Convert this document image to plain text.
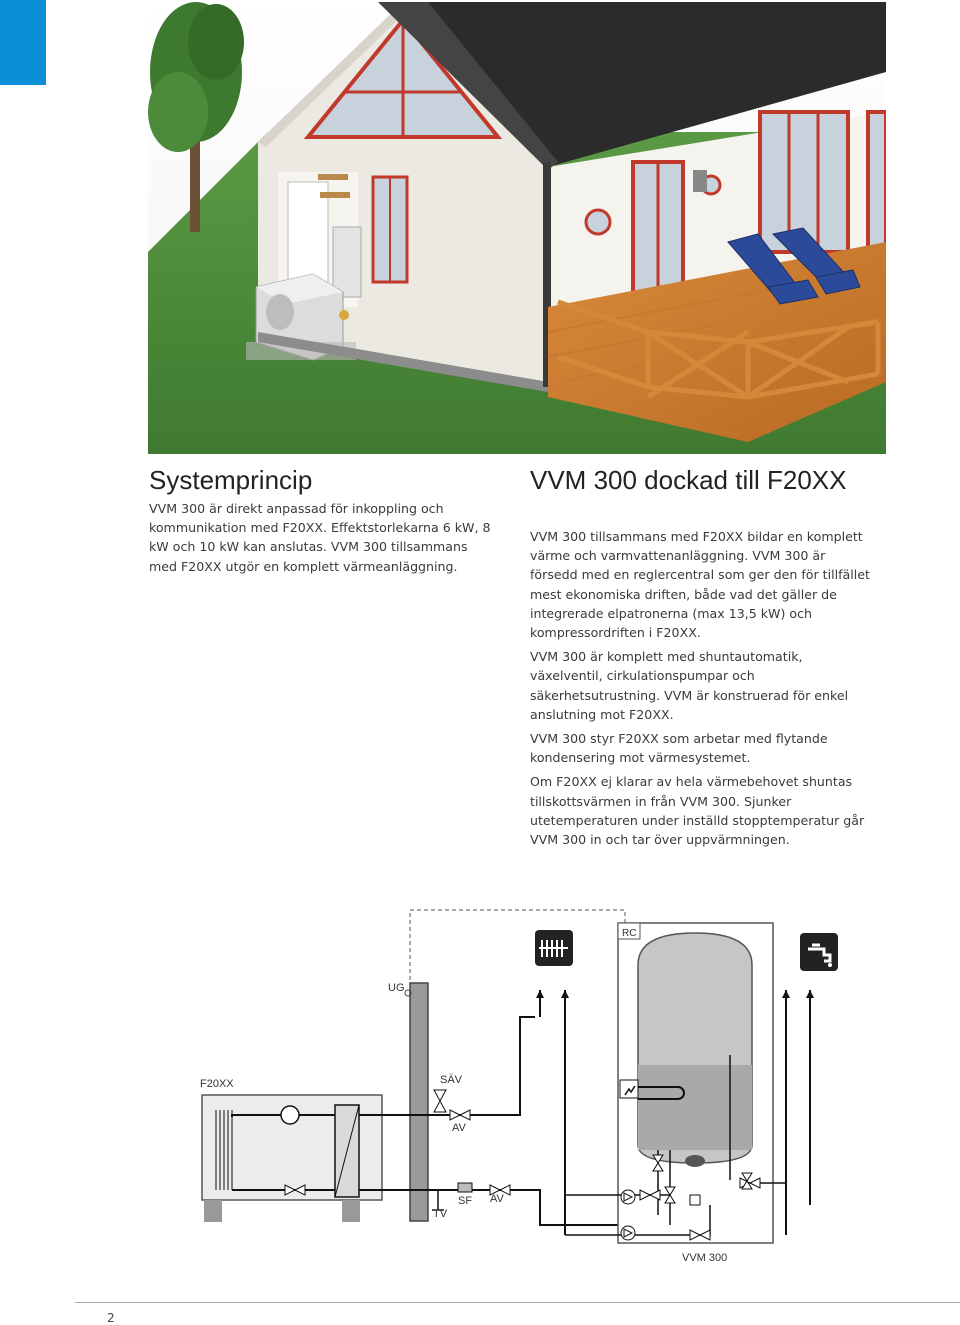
Systemprincip

VVM 300 är direkt anpassad för inkoppling och kommunikation med F20XX. Effektstorlekarna 6 kW, 8 kW och 10 kW kan anslutas. VVM 300 tillsammans med F20XX utgör en komplett värmeanläggning.

VVM 300 dockad till F20XX

VVM 300 tillsammans med F20XX bildar en komplett värme och varmvattenanläggning. VVM 300 är försedd med en reglercentral som ger den för tillfället mest ekonomiska driften, både vad det gäller de integrerade elpatronerna (max 13,5 kW) och kompressordriften i F20XX.

VVM 300 är komplett med shuntautomatik, växelventil, cirkulationspumpar och säkerhetsutrustning. VVM är konstruerad för enkel anslutning mot F20XX.

VVM 300 styr F20XX som arbetar med flytande kondensering mot värmesystemet.

Om F20XX ej klarar av hela värmebehovet shuntas tillskottsvärmen in från VVM 300. Sjunker utetemperaturen under inställd stopptemperatur går VVM 300 in och tar över uppvärmningen.

UG
F20XX	SÄV
AV
SF AV
TV
RC
VVM 300
2
